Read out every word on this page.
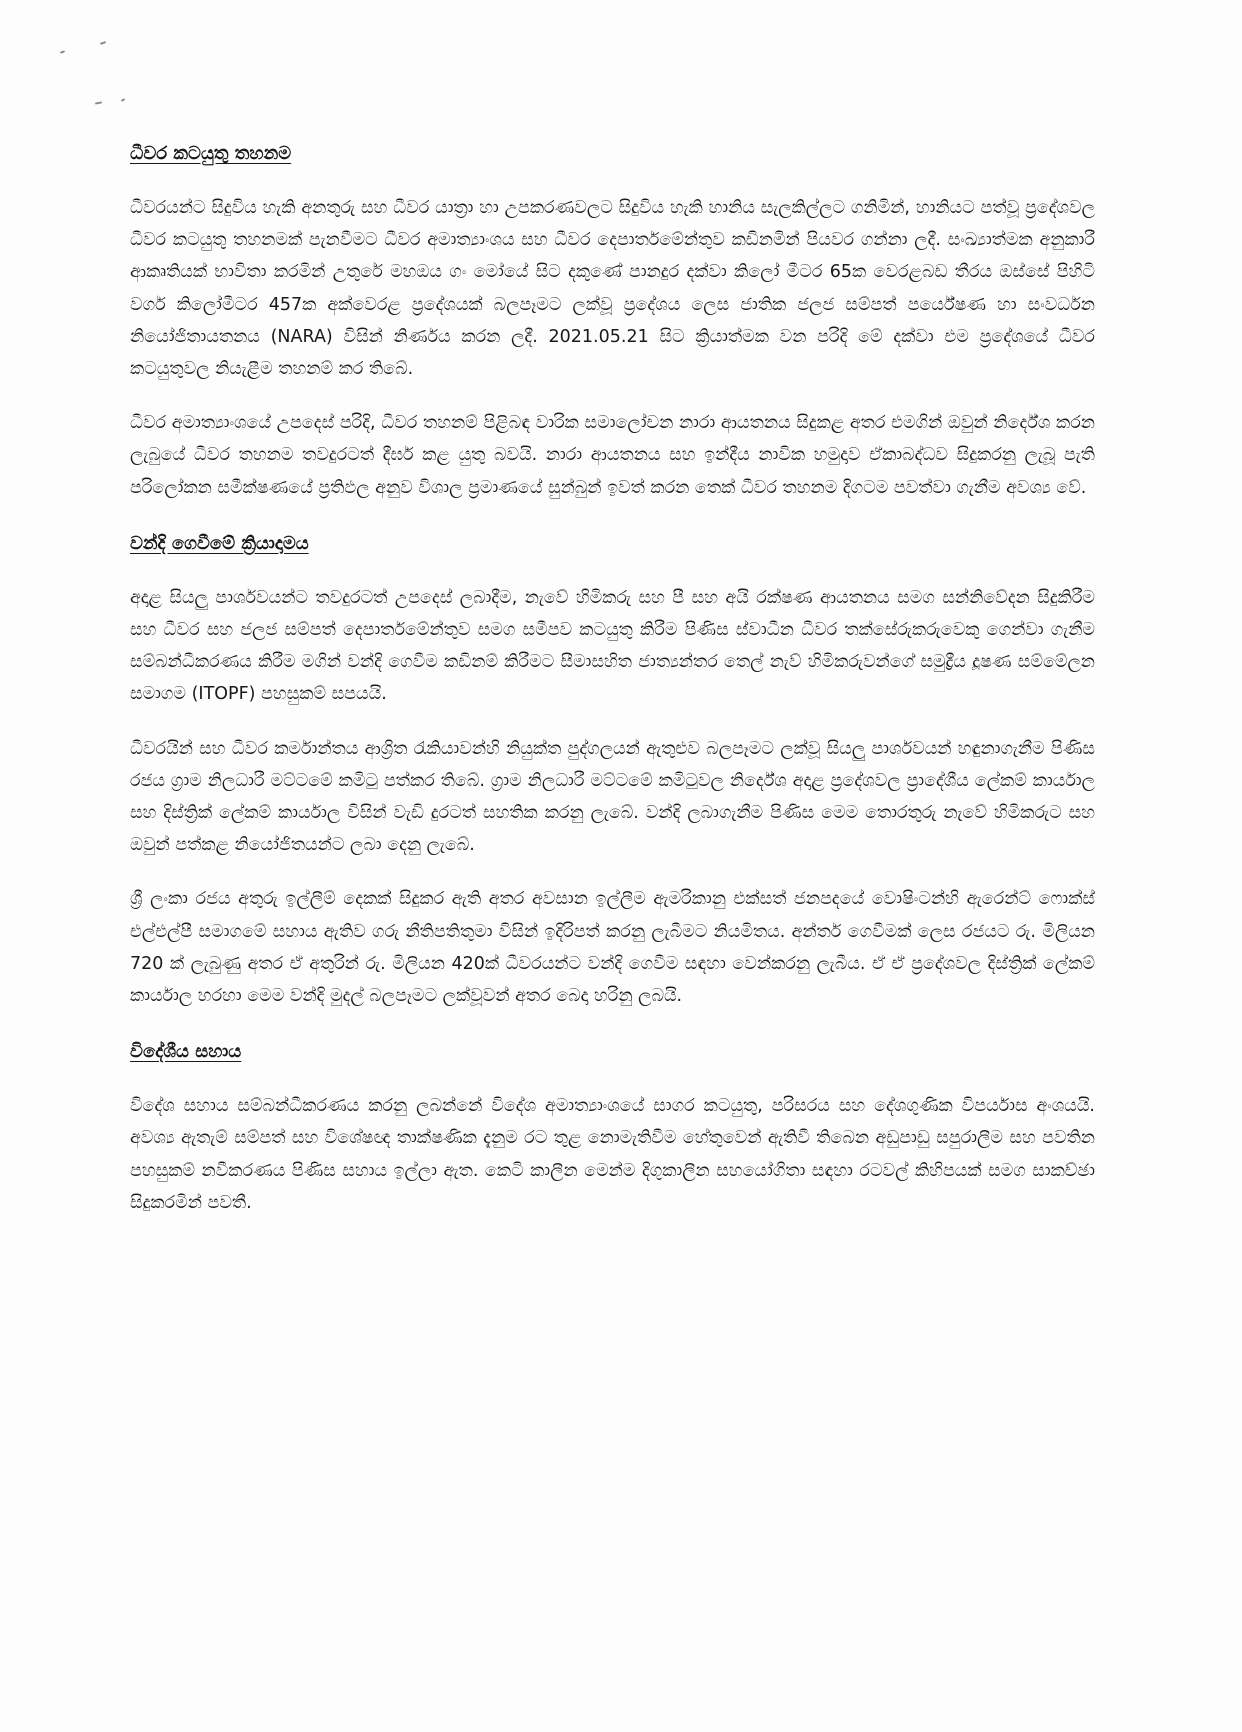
ධීවර කටයුතු තහනම

ධීවරයන්ට සිදුවිය හැකි අනතුරු සහ ධීවර යාත්‍රා හා උපකරණවලට සිදුවිය හැකි හානිය සැලකිල්ලට ගනිමින්, හානියට පත්වූ ප්‍රදේශවල ධීවර කටයුතු තහනමක් පැනවීමට ධීවර අමාත්‍යාංශය සහ ධීවර දෙපාර්තමේන්තුව කඩිනමින් පියවර ගන්නා ලදී. සංඛ්‍යාත්මක අනුකාරී ආකෘතියක් භාවිතා කරමින් උතුරේ මහඔය ගං මෝයේ සිට දකුණේ පානදුර දක්වා කිලෝ මීටර 65ක වෙරළබඩ තීරය ඔස්සේ පිහිටි වර්ග කිලෝමීටර 457ක අක්වෙරළ ප්‍රදේශයක් බලපෑමට ලක්වූ ප්‍රදේශය ලෙස ජාතික ජලජ සම්පත් පර්යේෂණ හා සංවර්ධන නියෝජිතායතනය (NARA) විසින් නිර්ණය කරන ලදී. 2021.05.21 සිට ක්‍රියාත්මක වන පරිදි මේ දක්වා එම ප්‍රදේශයේ ධීවර කටයුතුවල නියැළීම තහනම් කර තිබේ.

ධීවර අමාත්‍යාංශයේ උපදෙස් පරිදි, ධීවර තහනම් පිළිබඳ වාරික සමාලෝචන නාරා ආයතනය සිදුකළ අතර එමගින් ඔවුන් නිර්දේශ කරන ලැබුයේ ධීවර තහනම තවදුරටත් දීර්ඝ කළ යුතු බවයි. නාරා ආයතනය සහ ඉන්දීය නාවික හමුදාව ඒකාබද්ධව සිදුකරනු ලැබූ පැති පරිලෝකන සමීක්ෂණයේ ප්‍රතිඵල අනුව විශාල ප්‍රමාණයේ සුන්බුන් ඉවත් කරන තෙක් ධීවර තහනම දිගටම පවත්වා ගැනීම අවශ්‍ය වේ.

වන්දි ගෙවීමේ ක්‍රියාදාමය

අදාළ සියලු පාර්ශවයන්ට තවදුරටත් උපදෙස් ලබාදීම, නැවේ හිමිකරු සහ පී සහ අයි රක්ෂණ ආයතනය සමග සන්නිවේදන සිදුකිරීම සහ ධීවර සහ ජලජ සම්පත් දෙපාර්තමේන්තුව සමග සමීපව කටයුතු කිරීම පිණිස ස්වාධීන ධීවර තක්සේරුකරුවෙකු ගෙන්වා ගැනීම සම්බන්ධීකරණය කිරීම මගින් වන්දි ගෙවීම කඩිනම් කිරීමට සීමාසහිත ජාත්‍යන්තර තෙල් නැව් හිමිකරුවන්ගේ සමුද්‍රීය දූෂණ සම්මේලන සමාගම (ITOPF) පහසුකම් සපයයි.

ධීවරයින් සහ ධීවර කර්මාන්තය ආශ්‍රිත රැකියාවන්හි නියුක්ත පුද්ගලයන් ඇතුළුව බලපෑමට ලක්වූ සියලු පාර්ශවයන් හඳුනාගැනීම පිණිස රජය ග්‍රාම නිලධාරී මට්ටමේ කමිටු පත්කර තිබේ. ග්‍රාම නිලධාරී මට්ටමේ කමිටුවල නිර්දේශ අදාළ ප්‍රදේශවල ප්‍රාදේශීය ලේකම් කාර්යාල සහ දිස්ත්‍රික් ලේකම් කාර්යාල විසින් වැඩි දුරටත් සහතික කරනු ලැබේ. වන්දි ලබාගැනීම පිණිස මෙම තොරතුරු නැවේ හිමිකරුට සහ ඔවුන් පත්කළ නියෝජිතයන්ට ලබා දෙනු ලැබේ.

ශ්‍රී ලංකා රජය අතුරු ඉල්ලීම් දෙකක් සිදුකර ඇති අතර අවසාන ඉල්ලීම ඇමරිකානු එක්සත් ජනපදයේ වොෂිංටන්හි ඇරෙන්ට් ෆොක්ස් එල්එල්පී සමාගමේ සහාය ඇතිව ගරු නීතිපතිතුමා විසින් ඉදිරිපත් කරනු ලැබීමට නියමිතය. අන්තර් ගෙවීමක් ලෙස රජයට රු. මිලියන 720 ක් ලැබුණු අතර ඒ අතුරින් රු. මිලියන 420ක් ධීවරයන්ට වන්දි ගෙවීම සඳහා වෙන්කරනු ලැබීය. ඒ ඒ ප්‍රදේශවල දිස්ත්‍රික් ලේකම් කාර්යාල හරහා මෙම වන්දි මුදල් බලපෑමට ලක්වූවන් අතර බෙදා හරිනු ලබයි.

විදේශීය සහාය

විදේශ සහාය සම්බන්ධීකරණය කරනු ලබන්නේ විදේශ අමාත්‍යාංශයේ සාගර කටයුතු, පරිසරය සහ දේශගුණික විපර්යාස අංශයයි. අවශ්‍ය ඇතැම් සම්පත් සහ විශේෂඥ තාක්ෂණික දැනුම රට තුළ නොමැතිවීම හේතුවෙන් ඇතිවී තිබෙන අඩුපාඩු සපුරාලීම සහ පවතින පහසුකම් නවීකරණය පිණිස සහාය ඉල්ලා ඇත. කෙටි කාලීන මෙන්ම දිගුකාලීන සහයෝගිතා සඳහා රටවල් කිහිපයක් සමග සාකච්ඡා සිදුකරමින් පවතී.
